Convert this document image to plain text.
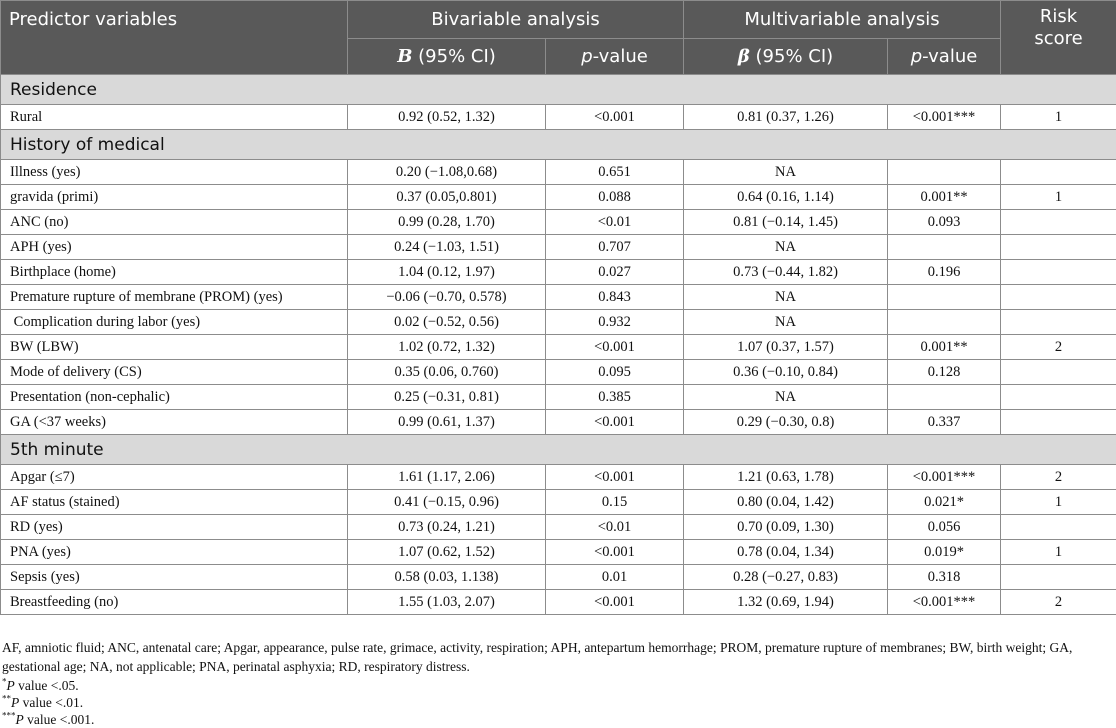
Predictor variables	Bivariable analysis		Multivariable analysis		Risk
score
	B (95% CI)	p-value	β (95% CI)	p-value	
Residence					
Rural	0.92 (0.52, 1.32)	<0.001	0.81 (0.37, 1.26)	<0.001***	1
History of medical					
Illness (yes)	0.20 (−1.08,0.68)	0.651	NA		
gravida (primi)	0.37 (0.05,0.801)	0.088	0.64 (0.16, 1.14)	0.001**	1
ANC (no)	0.99 (0.28, 1.70)	<0.01	0.81 (−0.14, 1.45)	0.093	
APH (yes)	0.24 (−1.03, 1.51)	0.707	NA		
Birthplace (home)	1.04 (0.12, 1.97)	0.027	0.73 (−0.44, 1.82)	0.196	
Premature rupture of membrane (PROM) (yes)	−0.06 (−0.70, 0.578)	0.843	NA		
Complication during labor (yes)	0.02 (−0.52, 0.56)	0.932	NA		
BW (LBW)	1.02 (0.72, 1.32)	<0.001	1.07 (0.37, 1.57)	0.001**	2
Mode of delivery (CS)	0.35 (0.06, 0.760)	0.095	0.36 (−0.10, 0.84)	0.128	
Presentation (non-cephalic)	0.25 (−0.31, 0.81)	0.385	NA		
GA (<37 weeks)	0.99 (0.61, 1.37)	<0.001	0.29 (−0.30, 0.8)	0.337	
5th minute					
Apgar (≤7)	1.61 (1.17, 2.06)	<0.001	1.21 (0.63, 1.78)	<0.001***	2
AF status (stained)	0.41 (−0.15, 0.96)	0.15	0.80 (0.04, 1.42)	0.021*	1
RD (yes)	0.73 (0.24, 1.21)	<0.01	0.70 (0.09, 1.30)	0.056	
PNA (yes)	1.07 (0.62, 1.52)	<0.001	0.78 (0.04, 1.34)	0.019*	1
Sepsis (yes)	0.58 (0.03, 1.138)	0.01	0.28 (−0.27, 0.83)	0.318	
Breastfeeding (no)	1.55 (1.03, 2.07)	<0.001	1.32 (0.69, 1.94)	<0.001***	2

AF, amniotic fluid; ANC, antenatal care; Apgar, appearance, pulse rate, grimace, activity, respiration; APH, antepartum hemorrhage; PROM, premature rupture of membranes; BW, birth weight; GA, gestational age; NA, not applicable; PNA, perinatal asphyxia; RD, respiratory distress.

*P value <.05.

**P value <.01.

***P value <.001.
